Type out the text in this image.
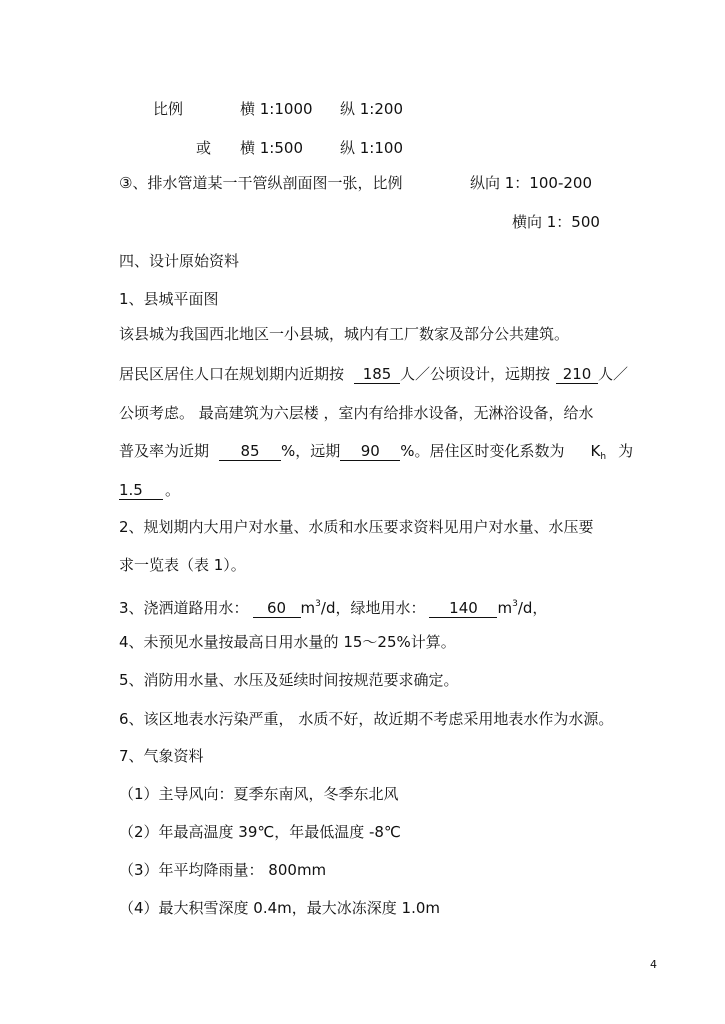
比例	横 1:1000 纵 1:200
或 横 1:500 纵 1:100
③、排水管道某一干管纵剖面图一张，比例	纵向 1：100-200
横向 1：500
四、设计原始资料
1、县城平面图
该县城为我国西北地区一小县城，城内有工厂数家及部分公共建筑。
居民区居住人口在规划期内近期按 185 人／公顷设计，远期按 210 人／
公顷考虑。 最高建筑为六层楼 ，室内有给排水设备，无淋浴设备，给水
普及率为近期 85 %，远期 90 %。居住区时变化系数为 $K_h$ 为
1.5 。
2、规划期内大用户对水量、水质和水压要求资料见用户对水量、水压要
求一览表（表 1）。
3、浇洒道路用水： 60 $m^3/d$，绿地用水： 140 $m^3/d$，
4、未预见水量按最高日用水量的 15～25%计算。
5、消防用水量、水压及延续时间按规范要求确定。
6、该区地表水污染严重， 水质不好，故近期不考虑采用地表水作为水源。
7、气象资料
（1）主导风向：夏季东南风，冬季东北风
（2）年最高温度 39℃，年最低温度 -8℃
（3）年平均降雨量： 800mm
（4）最大积雪深度 0.4m，最大冰冻深度 1.0m
4
